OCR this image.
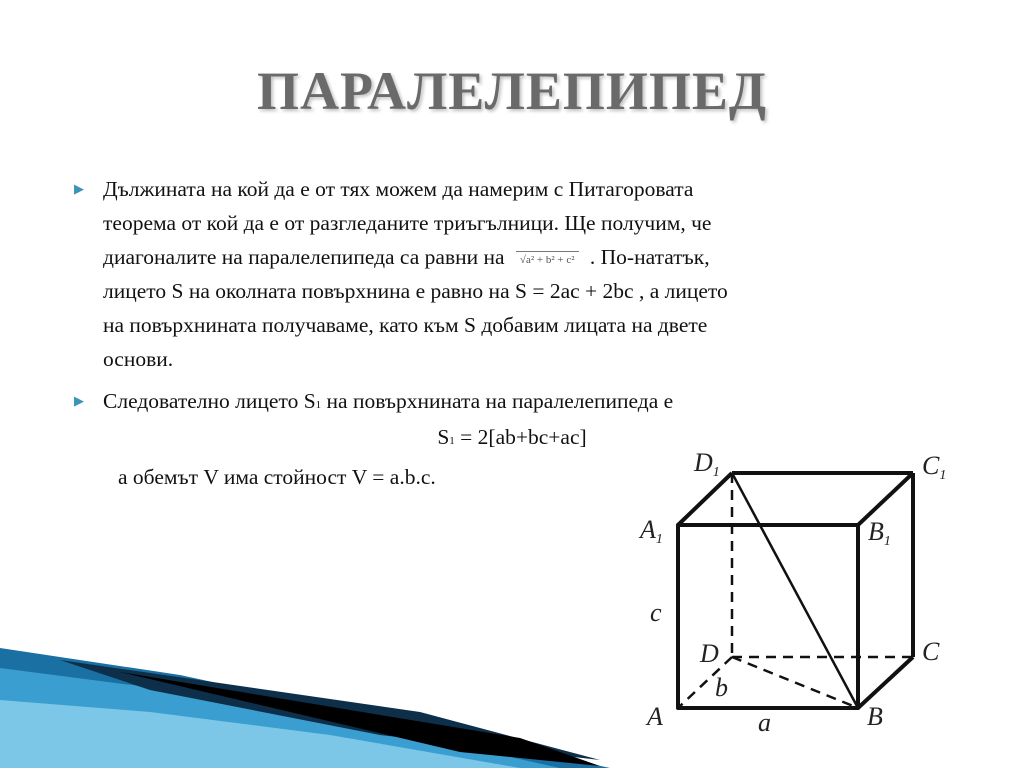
ПАРАЛЕЛЕПИПЕД
▶ Дължината на кой да е от тях можем да намерим с Питагоровата
теорема от кой да е от разгледаните триъгълници. Ще получим, че
диагоналите на паралелепипеда са равни на √a² + b² + c² . По-нататък,
лицето S на околната повърхнина е равно на S = 2ac + 2bc , а лицето
на повърхнината получаваме, като към S добавим лицата на двете
основи.
▶ Следователно лицето S1 на повърхнината на паралелепипеда е
S1 = 2[ab+bc+ac]
а обемът V има стойност V = a.b.c.	D1	C1
A1	B1
D	C
A	B
a
b
c
